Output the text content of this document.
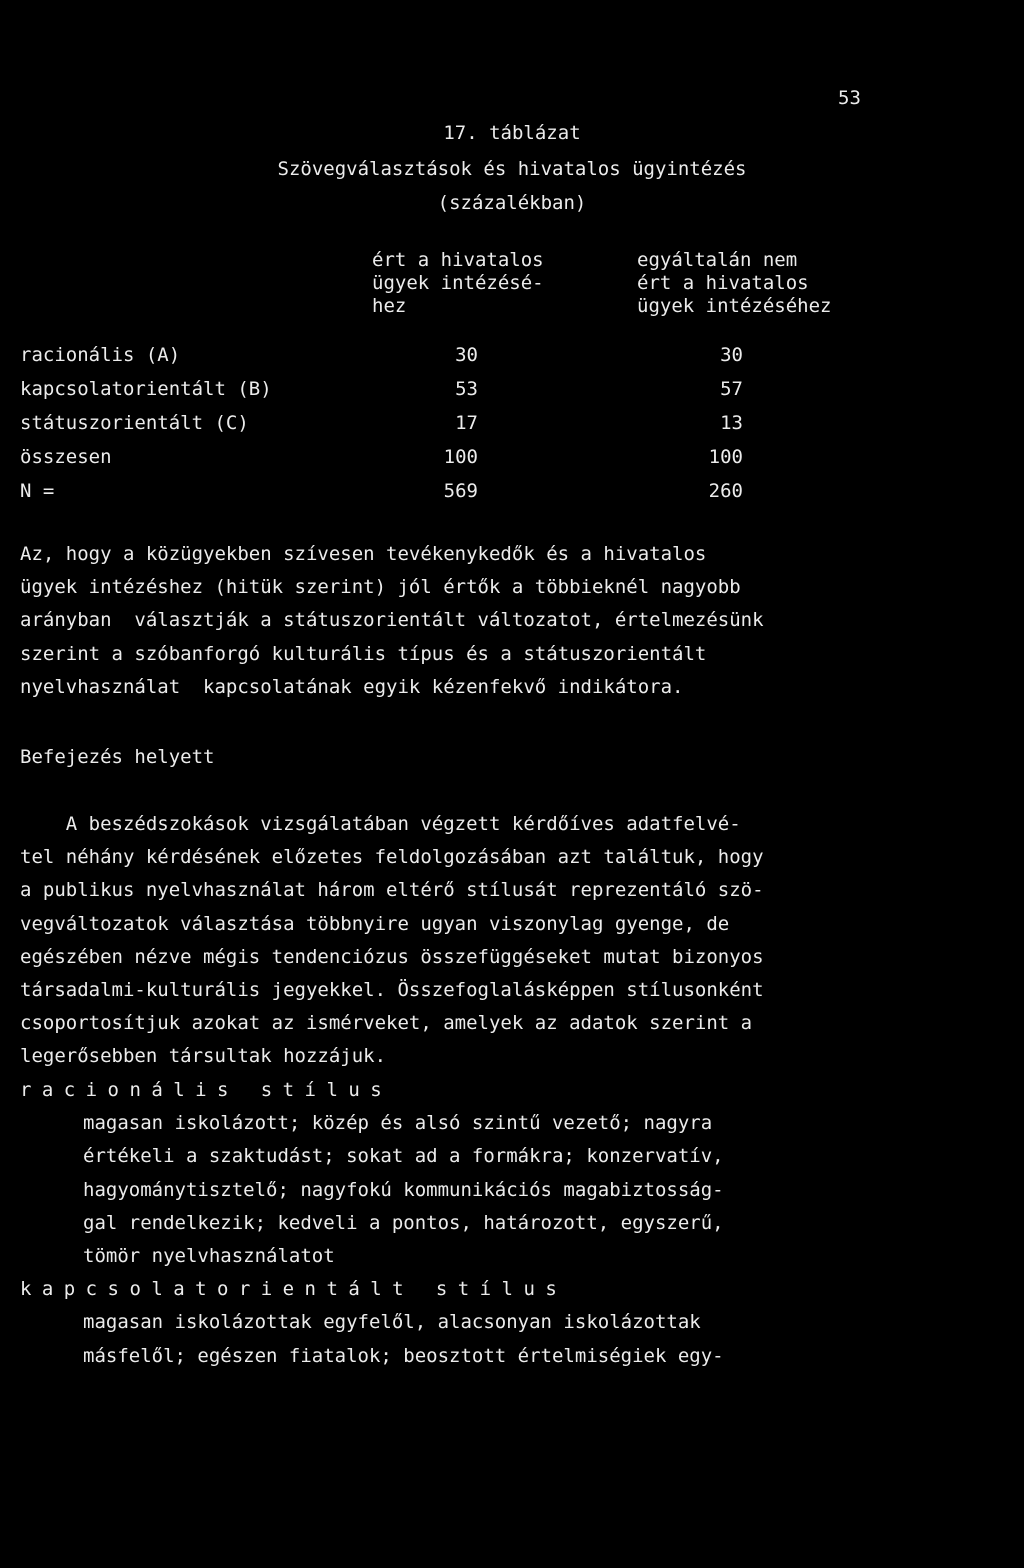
53
17. táblázat
Szövegválasztások és hivatalos ügyintézés
(százalékban)
ért a hivatalos
ügyek intézésé-
hez
egyáltalán nem
ért a hivatalos
ügyek intézéséhez
racionális (A)	30	30
kapcsolatorientált (B)	53	57
státuszorientált (C)	17	13
összesen	100	100
N =	569	260
Az, hogy a közügyekben szívesen tevékenykedők és a hivatalos
ügyek intézéshez (hitük szerint) jól értők a többieknél nagyobb
arányban  választják a státuszorientált változatot, értelmezésünk
szerint a szóbanforgó kulturális típus és a státuszorientált
nyelvhasználat  kapcsolatának egyik kézenfekvő indikátora.
Befejezés helyett
A beszédszokások vizsgálatában végzett kérdőíves adatfelvé-
tel néhány kérdésének előzetes feldolgozásában azt találtuk, hogy
a publikus nyelvhasználat három eltérő stílusát reprezentáló szö-
vegváltozatok választása többnyire ugyan viszonylag gyenge, de
egészében nézve mégis tendenciózus összefüggéseket mutat bizonyos
társadalmi-kulturális jegyekkel. Összefoglalásképpen stílusonként
csoportosítjuk azokat az ismérveket, amelyek az adatok szerint a
legerősebben társultak hozzájuk.
racionális stílus
magasan iskolázott; közép és alsó szintű vezető; nagyra
értékeli a szaktudást; sokat ad a formákra; konzervatív,
hagyománytisztelő; nagyfokú kommunikációs magabiztosság-
gal rendelkezik; kedveli a pontos, határozott, egyszerű,
tömör nyelvhasználatot
kapcsolatorientált stílus
magasan iskolázottak egyfelől, alacsonyan iskolázottak
másfelől; egészen fiatalok; beosztott értelmiségiek egy-
